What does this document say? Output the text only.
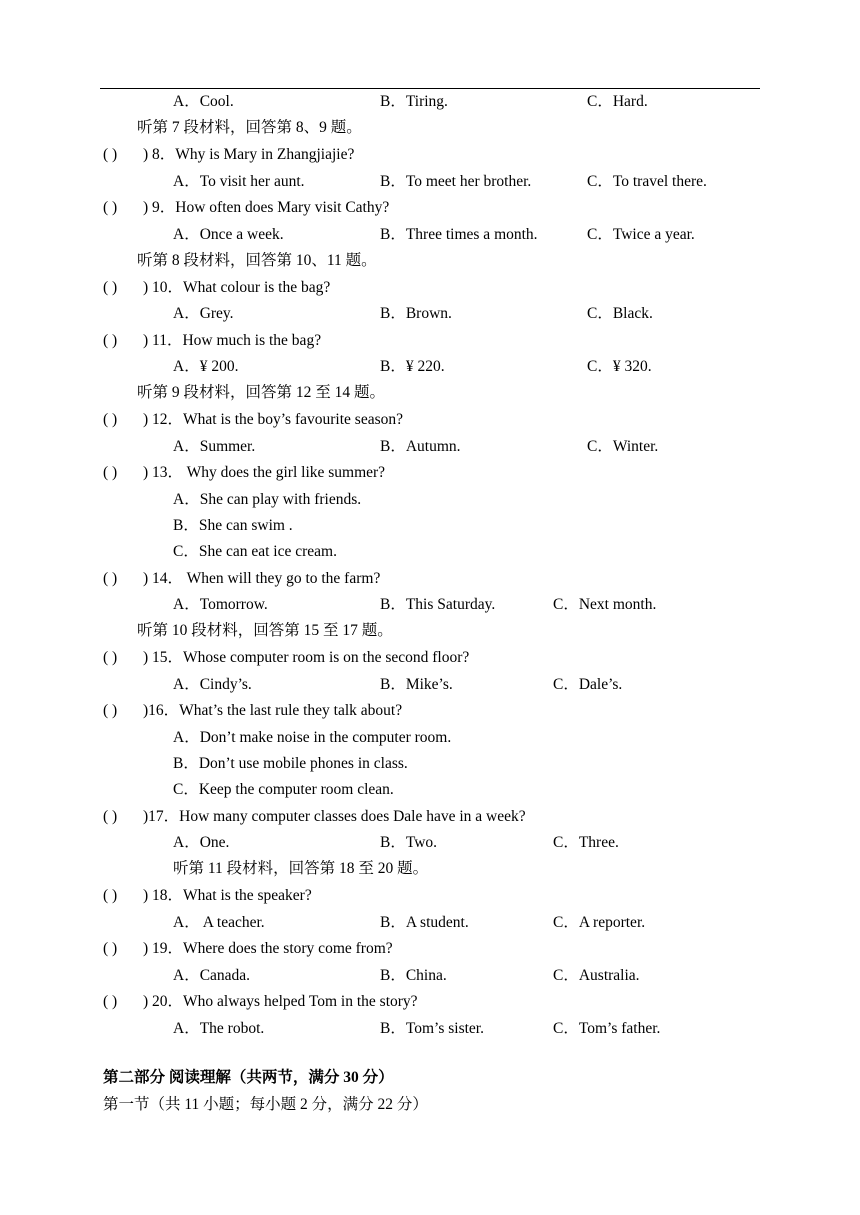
A．Cool.	B．Tiring.	C．Hard.
听第 7 段材料，回答第 8、9 题。
( ) ) 8．Why is Mary in Zhangjiajie?
A．To visit her aunt.	B．To meet her brother.	C．To travel there.
( ) ) 9．How often does Mary visit Cathy?
A．Once a week.	B．Three times a month.	C．Twice a year.
听第 8 段材料，回答第 10、11 题。
( ) ) 10．What colour is the bag?
A．Grey.	B．Brown.	C．Black.
( ) ) 11．How much is the bag?
A．¥ 200.	B．¥ 220.	C．¥ 320.
听第 9 段材料，回答第 12 至 14 题。
( ) ) 12．What is the boy’s favourite season?
A．Summer.	B．Autumn.	C．Winter.
( ) ) 13． Why does the girl like summer?
A．She can play with friends.
B．She can swim .
C．She can eat ice cream.
( ) ) 14． When will they go to the farm?
A．Tomorrow.	B．This Saturday.	C．Next month.
听第 10 段材料，回答第 15 至 17 题。
( ) ) 15．Whose computer room is on the second floor?
A．Cindy’s.	B．Mike’s.	C．Dale’s.
( ) )16．What’s the last rule they talk about?
A．Don’t make noise in the computer room.
B．Don’t use mobile phones in class.
C．Keep the computer room clean.
( ) )17．How many computer classes does Dale have in a week?
A．One.	B．Two.	C．Three.
听第 11 段材料，回答第 18 至 20 题。
( ) ) 18．What is the speaker?
A． A teacher.	B．A student.	C．A reporter.
( ) ) 19．Where does the story come from?
A．Canada.	B．China.	C．Australia.
( ) ) 20．Who always helped Tom in the story?
A．The robot.	B．Tom’s sister.	C．Tom’s father.
第二部分 阅读理解（共两节，满分 30 分）
第一节（共 11 小题；每小题 2 分，满分 22 分）
